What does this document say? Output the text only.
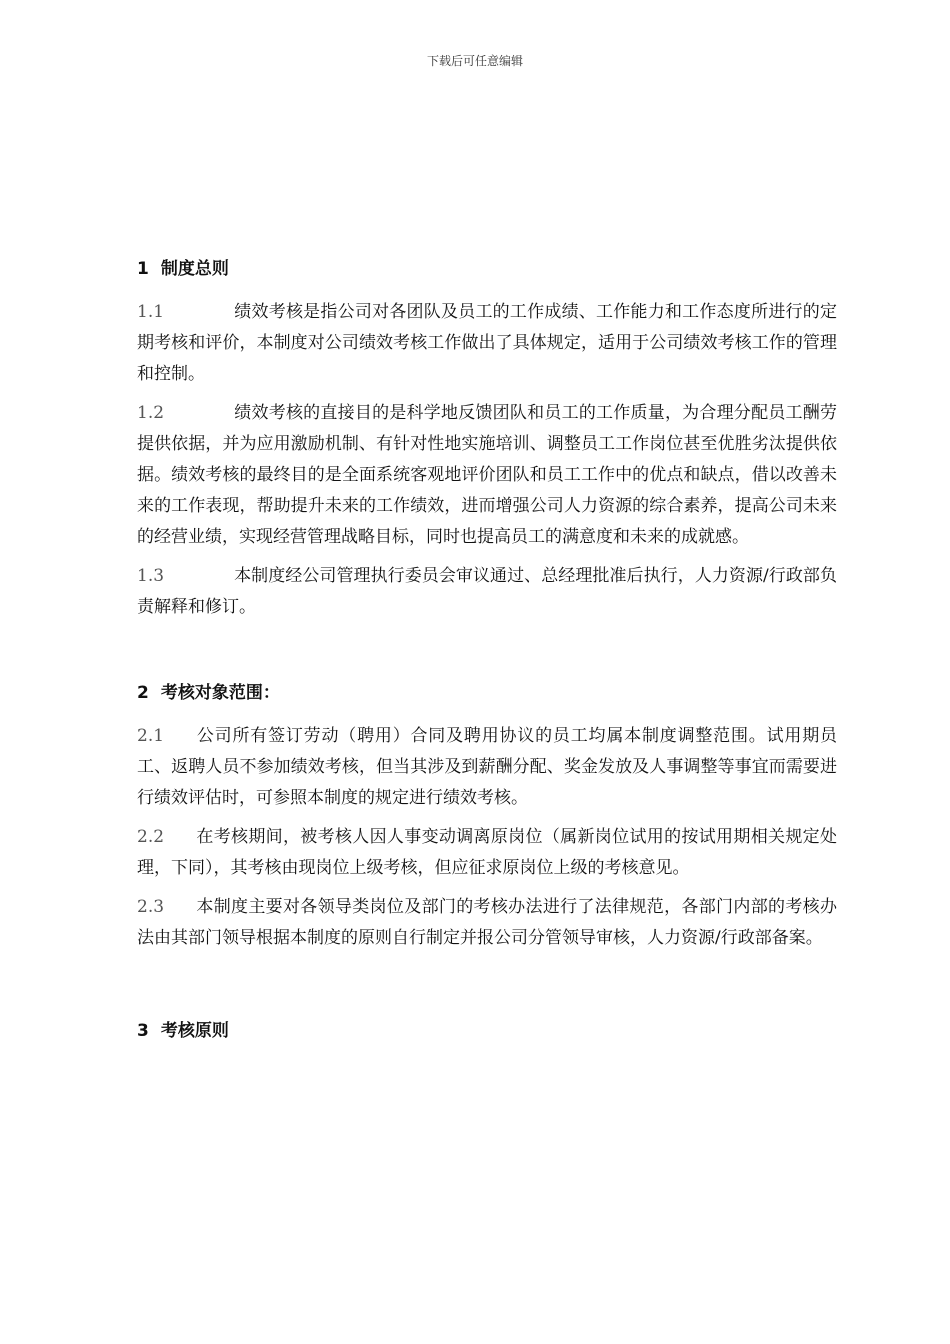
下载后可任意编辑
1 制度总则

1.1	绩效考核是指公司对各团队及员工的工作成绩、工作能力和工作态度所进行的定期考核和评价，本制度对公司绩效考核工作做出了具体规定，适用于公司绩效考核工作的管理和控制。

1.2	绩效考核的直接目的是科学地反馈团队和员工的工作质量，为合理分配员工酬劳提供依据，并为应用激励机制、有针对性地实施培训、调整员工工作岗位甚至优胜劣汰提供依据。绩效考核的最终目的是全面系统客观地评价团队和员工工作中的优点和缺点，借以改善未来的工作表现，帮助提升未来的工作绩效，进而增强公司人力资源的综合素养，提高公司未来的经营业绩，实现经营管理战略目标，同时也提高员工的满意度和未来的成就感。

1.3	本制度经公司管理执行委员会审议通过、总经理批准后执行，人力资源/行政部负责解释和修订。

2 考核对象范围：

2.1 公司所有签订劳动（聘用）合同及聘用协议的员工均属本制度调整范围。试用期员工、返聘人员不参加绩效考核，但当其涉及到薪酬分配、奖金发放及人事调整等事宜而需要进行绩效评估时，可参照本制度的规定进行绩效考核。

2.2 在考核期间，被考核人因人事变动调离原岗位（属新岗位试用的按试用期相关规定处理，下同），其考核由现岗位上级考核，但应征求原岗位上级的考核意见。

2.3 本制度主要对各领导类岗位及部门的考核办法进行了法律规范，各部门内部的考核办法由其部门领导根据本制度的原则自行制定并报公司分管领导审核，人力资源/行政部备案。

3 考核原则
